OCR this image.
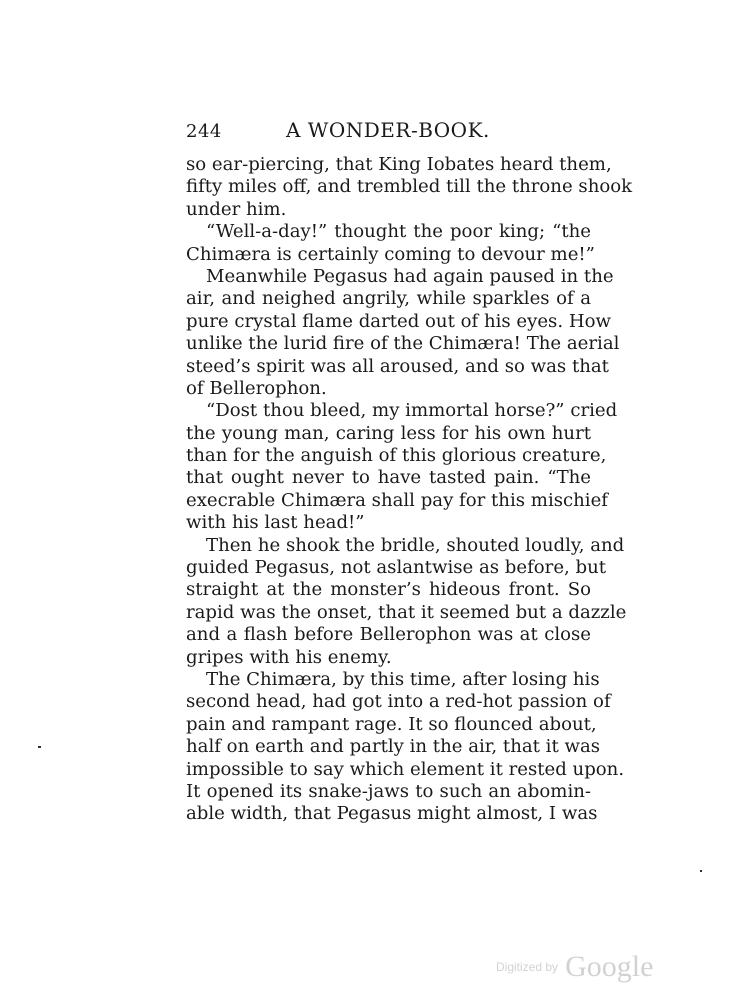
244	A WONDER-BOOK.
so ear-piercing, that King Iobates heard them,
fifty miles off, and trembled till the throne shook
under him.
“Well-a-day!” thought the poor king; “the
Chimæra is certainly coming to devour me!”
Meanwhile Pegasus had again paused in the
air, and neighed angrily, while sparkles of a
pure crystal flame darted out of his eyes. How
unlike the lurid fire of the Chimæra! The aerial
steed’s spirit was all aroused, and so was that
of Bellerophon.
“Dost thou bleed, my immortal horse?” cried
the young man, caring less for his own hurt
than for the anguish of this glorious creature,
that ought never to have tasted pain. “The
execrable Chimæra shall pay for this mischief
with his last head!”
Then he shook the bridle, shouted loudly, and
guided Pegasus, not aslantwise as before, but
straight at the monster’s hideous front. So
rapid was the onset, that it seemed but a dazzle
and a flash before Bellerophon was at close
gripes with his enemy.
The Chimæra, by this time, after losing his
second head, had got into a red-hot passion of
pain and rampant rage. It so flounced about,
half on earth and partly in the air, that it was
impossible to say which element it rested upon.
It opened its snake-jaws to such an abomin-
able width, that Pegasus might almost, I was
Digitized by Google
